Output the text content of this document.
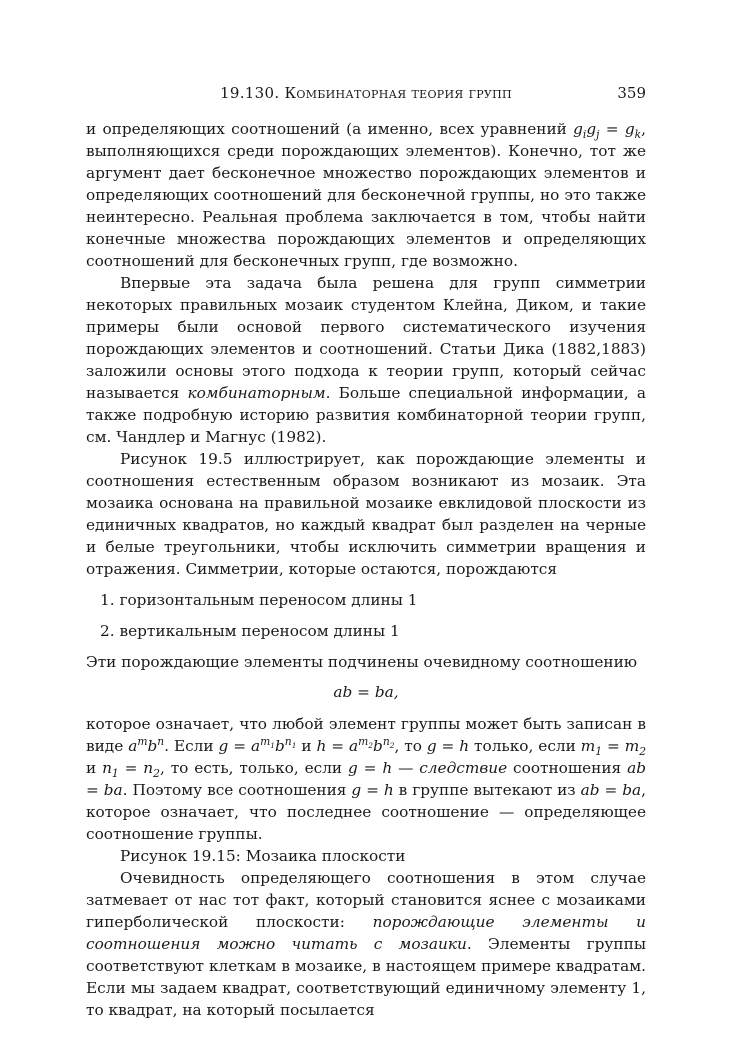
19.130. Комбинаторная теория групп	359

и определяющих соотношений (а именно, всех уравнений $g_ig_j = g_k$, выполняющихся среди порождающих элементов). Конечно, тот же аргумент дает бесконечное множество порождающих элементов и определяющих соотношений для бесконечной группы, но это также неинтересно. Реальная проблема заключается в том, чтобы найти конечные множества порождающих элементов и определяющих соотношений для бесконечных групп, где возможно.

Впервые эта задача была решена для групп симметрии некоторых правильных мозаик студентом Клейна, Диком, и такие примеры были основой первого систематического изучения порождающих элементов и соотношений. Статьи Дика (1882,1883) заложили основы этого подхода к теории групп, который сейчас называется комбинаторным. Больше специальной информации, а также подробную историю развития комбинаторной теории групп, см. Чандлер и Магнус (1982).

Рисунок 19.5 иллюстрирует, как порождающие элементы и соотношения естественным образом возникают из мозаик. Эта мозаика основана на правильной мозаике евклидовой плоскости из единичных квадратов, но каждый квадрат был разделен на черные и белые треугольники, чтобы исключить симметрии вращения и отражения. Симметрии, которые остаются, порождаются

1. горизонтальным переносом длины 1
2. вертикальным переносом длины 1

Эти порождающие элементы подчинены очевидному соотношению

ab = ba,

которое означает, что любой элемент группы может быть записан в виде $a^mb^n$. Если $g = a^{m_1}b^{n_1}$ и $h = a^{m_2}b^{n_2}$, то g = h только, если $m_1 = m_2$ и $n_1 = n_2$, то есть, только, если g = h — следствие соотношения ab = ba. Поэтому все соотношения g = h в группе вытекают из ab = ba, которое означает, что последнее соотношение — определяющее соотношение группы.

Рисунок 19.15: Мозаика плоскости

Очевидность определяющего соотношения в этом случае затмевает от нас тот факт, который становится яснее с мозаиками гиперболической плоскости: порождающие элементы и соотношения можно читать с мозаики. Элементы группы соответствуют клеткам в мозаике, в настоящем примере квадратам. Если мы задаем квадрат, соответствующий единичному элементу 1, то квадрат, на который посылается
